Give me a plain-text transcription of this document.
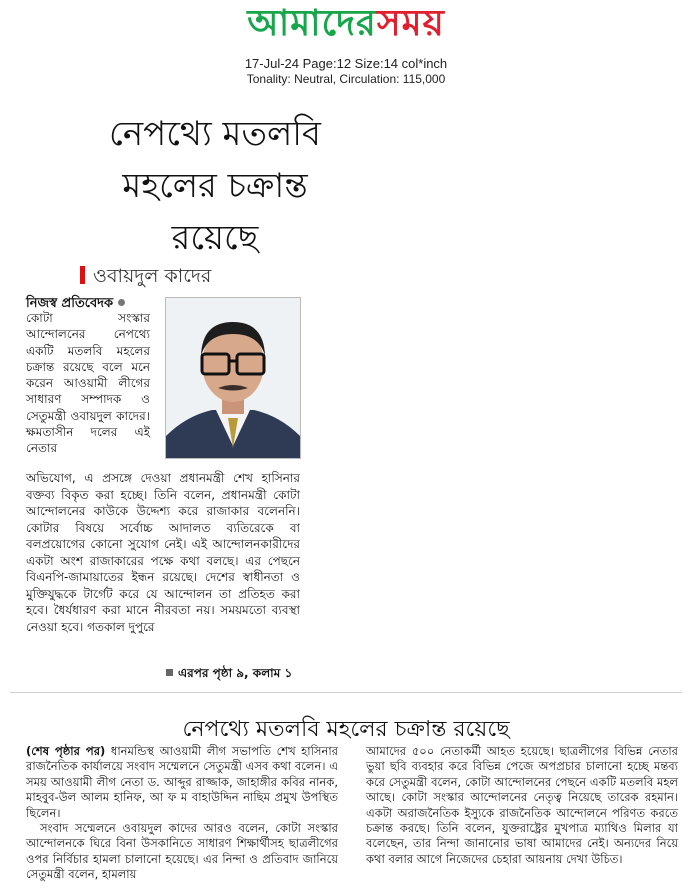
আমাদেরসময়
17-Jul-24 Page:12 Size:14 col*inch
Tonality: Neutral, Circulation: 115,000
নেপথ্যে মতলবি
মহলের চক্রান্ত
রয়েছে
ওবায়দুল কাদের
নিজস্ব প্রতিবেদক
কোটা সংস্কার আন্দোলনের নেপথ্যে একটি মতলবি মহলের চক্রান্ত রয়েছে বলে মনে করেন আওয়ামী লীগের সাধারণ সম্পাদক ও সেতুমন্ত্রী ওবায়দুল কাদের। ক্ষমতাসীন দলের এই নেতার
অভিযোগ, এ প্রসঙ্গে দেওয়া প্রধানমন্ত্রী শেখ হাসিনার বক্তব্য বিকৃত করা হচ্ছে। তিনি বলেন, প্রধানমন্ত্রী কোটা আন্দোলনের কাউকে উদ্দেশ্য করে রাজাকার বলেননি। কোটার বিষয়ে সর্বোচ্চ আদালত ব্যতিরেকে বা বলপ্রয়োগের কোনো সুযোগ নেই। এই আন্দোলনকারীদের একটা অংশ রাজাকারের পক্ষে কথা বলছে। এর পেছনে বিএনপি-জামায়াতের ইন্ধন রয়েছে। দেশের স্বাধীনতা ও মুক্তিযুদ্ধকে টার্গেট করে যে আন্দোলন তা প্রতিহত করা হবে। ধৈর্যধারণ করা মানে নীরবতা নয়। সময়মতো ব্যবস্থা নেওয়া হবে। গতকাল দুপুরে
এরপর পৃষ্ঠা ৯, কলাম ১
নেপথ্যে মতলবি মহলের চক্রান্ত রয়েছে

(শেষ পৃষ্ঠার পর) ধানমন্ডিস্থ আওয়ামী লীগ সভাপতি শেখ হাসিনার রাজনৈতিক কার্যালয়ে সংবাদ সম্মেলনে সেতুমন্ত্রী এসব কথা বলেন। এ সময় আওয়ামী লীগ নেতা ড. আব্দুর রাজ্জাক, জাহাঙ্গীর কবির নানক, মাহবুব-উল আলম হানিফ, আ ফ ম বাহাউদ্দিন নাছিম প্রমুখ উপস্থিত ছিলেন।

সংবাদ সম্মেলনে ওবায়দুল কাদের আরও বলেন, কোটা সংস্কার আন্দোলনকে ঘিরে বিনা উসকানিতে সাধারণ শিক্ষার্থীসহ ছাত্রলীগের ওপর নির্বিচার হামলা চালানো হয়েছে। এর নিন্দা ও প্রতিবাদ জানিয়ে সেতুমন্ত্রী বলেন, হামলায়

আমাদের ৫০০ নেতাকর্মী আহত হয়েছে। ছাত্রলীগের বিভিন্ন নেতার ভুয়া ছবি ব্যবহার করে বিভিন্ন পেজে অপপ্রচার চালানো হচ্ছে মন্তব্য করে সেতুমন্ত্রী বলেন, কোটা আন্দোলনের পেছনে একটি মতলবি মহল আছে। কোটা সংস্কার আন্দোলনের নেতৃত্ব নিয়েছে তারেক রহমান। একটা অরাজনৈতিক ইস্যুকে রাজনৈতিক আন্দোলনে পরিণত করতে চক্রান্ত করছে। তিনি বলেন, যুক্তরাষ্ট্রের মুখপাত্র ম্যাথিও মিলার যা বলেছেন, তার নিন্দা জানানোর ভাষা আমাদের নেই। অন্যদের নিয়ে কথা বলার আগে নিজেদের চেহারা আয়নায় দেখা উচিত।
